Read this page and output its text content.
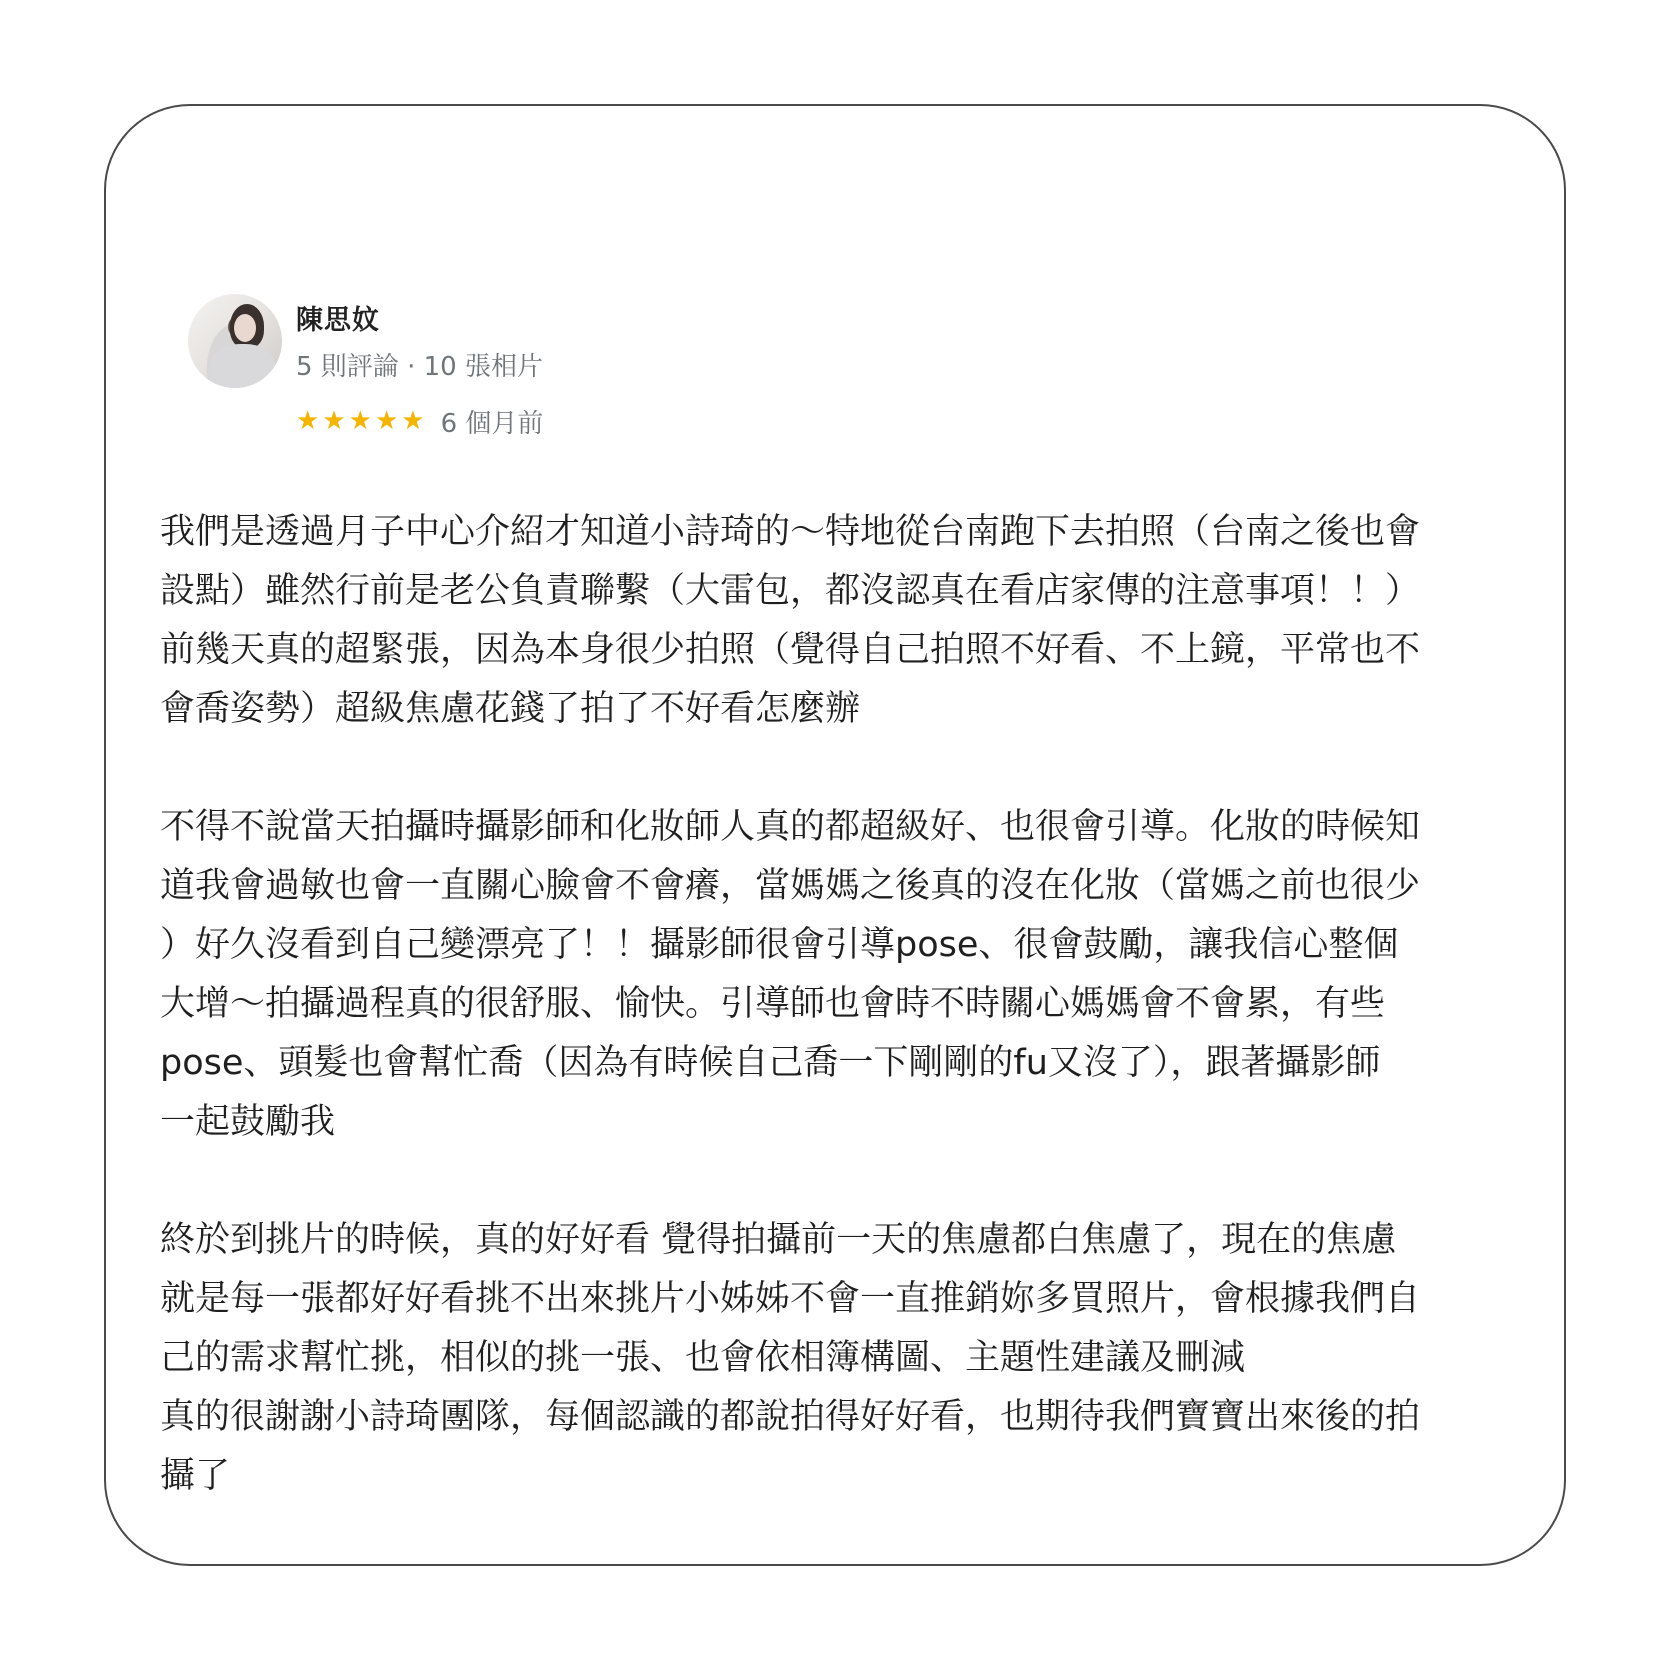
陳思妏
5 則評論 · 10 張相片
★ ★ ★ ★ ★ 6 個月前
我們是透過月子中心介紹才知道小詩琦的～特地從台南跑下去拍照（台南之後也會
設點）雖然行前是老公負責聯繫（大雷包，都沒認真在看店家傳的注意事項！！）
前幾天真的超緊張，因為本身很少拍照（覺得自己拍照不好看、不上鏡，平常也不
會喬姿勢）超級焦慮花錢了拍了不好看怎麼辦
不得不說當天拍攝時攝影師和化妝師人真的都超級好、也很會引導。化妝的時候知
道我會過敏也會一直關心臉會不會癢，當媽媽之後真的沒在化妝（當媽之前也很少
）好久沒看到自己變漂亮了！！攝影師很會引導pose、很會鼓勵，讓我信心整個
大增～拍攝過程真的很舒服、愉快。引導師也會時不時關心媽媽會不會累，有些
pose、頭髮也會幫忙喬（因為有時候自己喬一下剛剛的fu又沒了），跟著攝影師
一起鼓勵我
終於到挑片的時候，真的好好看 覺得拍攝前一天的焦慮都白焦慮了，現在的焦慮
就是每一張都好好看挑不出來挑片小姊姊不會一直推銷妳多買照片，會根據我們自
己的需求幫忙挑，相似的挑一張、也會依相簿構圖、主題性建議及刪減
真的很謝謝小詩琦團隊，每個認識的都說拍得好好看，也期待我們寶寶出來後的拍
攝了
